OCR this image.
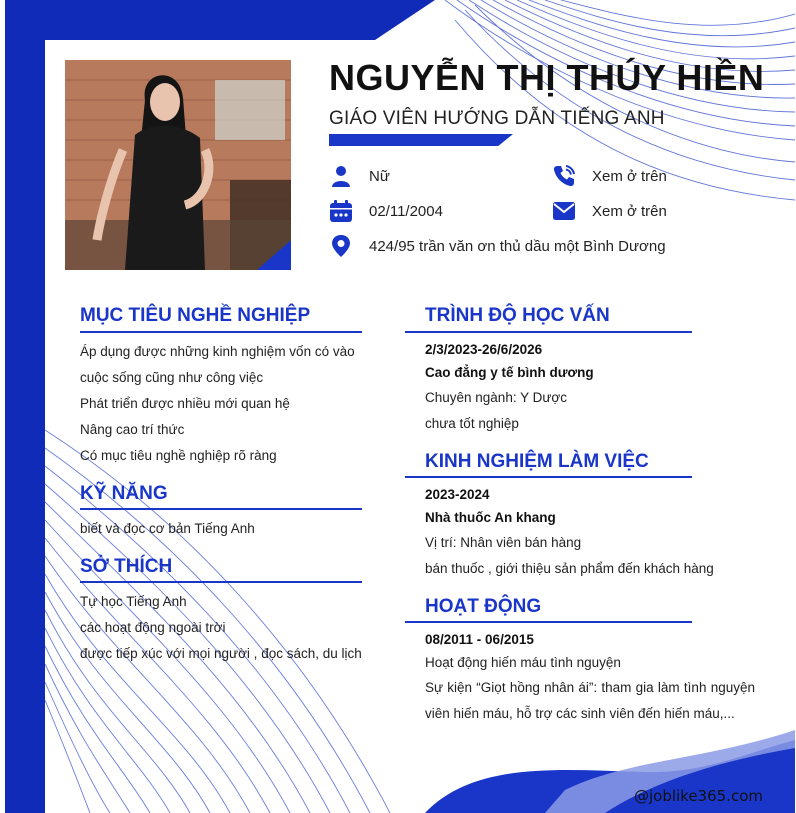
NGUYỄN THỊ THÚY HIỀN
GIÁO VIÊN HƯỚNG DẪN TIẾNG ANH
Nữ
02/11/2004
424/95 trần văn ơn thủ dầu một Bình Dương
Xem ở trên
Xem ở trên
MỤC TIÊU NGHỀ NGHIỆP
Áp dụng được những kinh nghiệm vốn có vào
cuộc sống cũng như công việc
Phát triển được nhiều mới quan hệ
Nâng cao trí thức
Có mục tiêu nghề nghiệp rõ ràng
KỸ NĂNG
biết và đọc cơ bản Tiếng Anh
SỞ THÍCH
Tự học Tiếng Anh
các hoạt động ngoài trời
được tiếp xúc với mọi người , đọc sách, du lịch
TRÌNH ĐỘ HỌC VẤN
2/3/2023-26/6/2026
Cao đẳng y tế bình dương
Chuyên ngành: Y Dược
chưa tốt nghiệp
KINH NGHIỆM LÀM VIỆC
2023-2024
Nhà thuốc An khang
Vị trí: Nhân viên bán hàng
bán thuốc , giới thiệu sản phẩm đến khách hàng
HOẠT ĐỘNG
08/2011 - 06/2015
Hoạt động hiến máu tình nguyện
Sự kiện “Giọt hồng nhân ái”: tham gia làm tình nguyện viên hiến máu, hỗ trợ các sinh viên đến hiến máu,...
@joblike365.com
